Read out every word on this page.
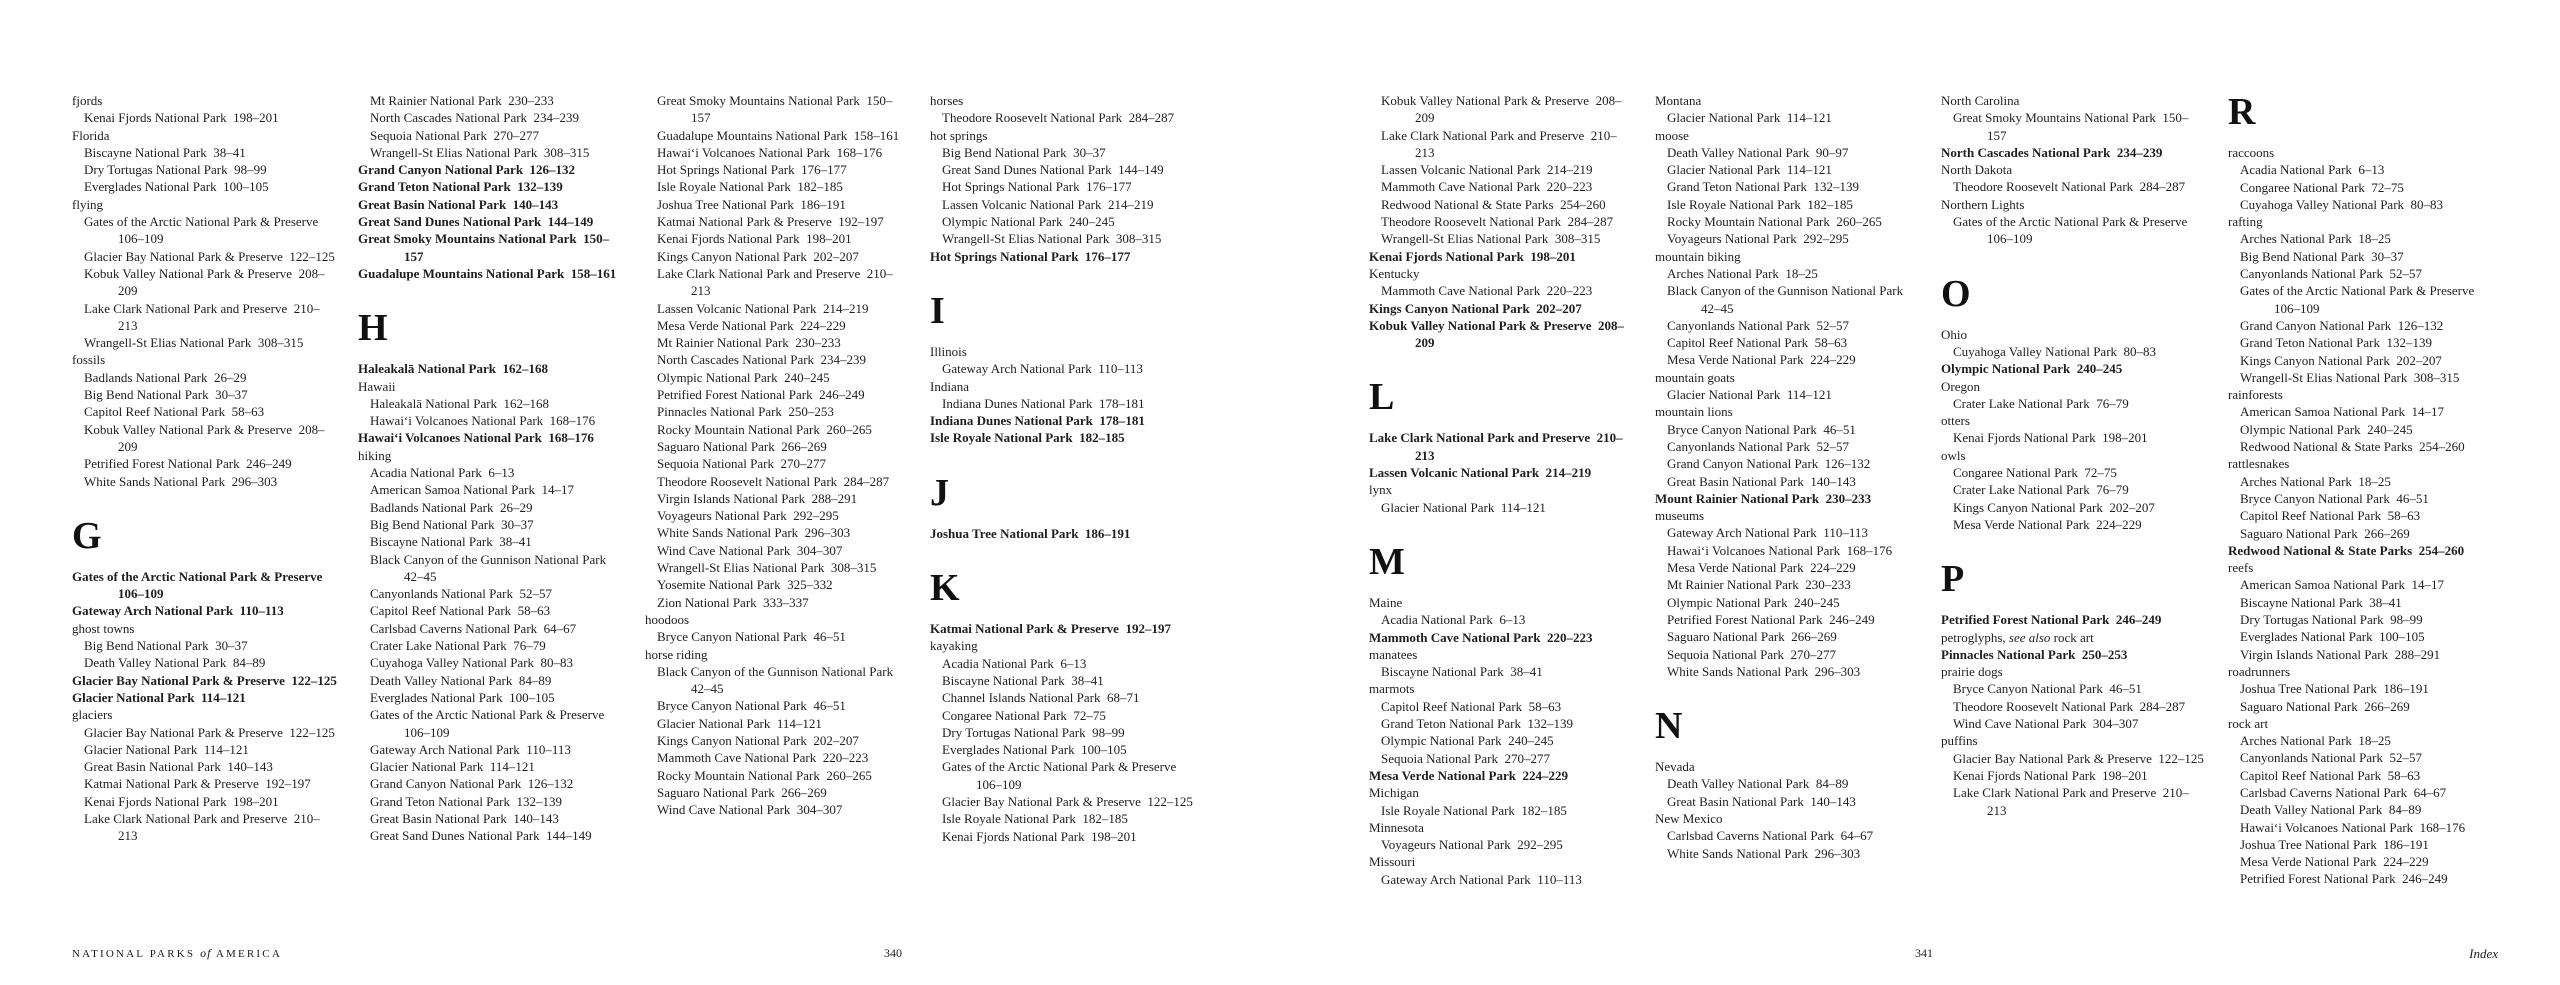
fjords
Kenai Fjords National Park  198–201
Florida
Biscayne National Park  38–41
Dry Tortugas National Park  98–99
Everglades National Park  100–105
flying
Gates of the Arctic National Park & Preserve  106–109
Glacier Bay National Park & Preserve  122–125
Kobuk Valley National Park & Preserve  208–209
Lake Clark National Park and Preserve  210–213
Wrangell-St Elias National Park  308–315
fossils
Badlands National Park  26–29
Big Bend National Park  30–37
Capitol Reef National Park  58–63
Kobuk Valley National Park & Preserve  208–209
Petrified Forest National Park  246–249
White Sands National Park  296–303
G
Gates of the Arctic National Park & Preserve  106–109
Gateway Arch National Park  110–113
ghost towns
Big Bend National Park  30–37
Death Valley National Park  84–89
Glacier Bay National Park & Preserve  122–125
Glacier National Park  114–121
glaciers
Glacier Bay National Park & Preserve  122–125
Glacier National Park  114–121
Great Basin National Park  140–143
Katmai National Park & Preserve  192–197
Kenai Fjords National Park  198–201
Lake Clark National Park and Preserve  210–213
Mt Rainier National Park  230–233
North Cascades National Park  234–239
Sequoia National Park  270–277
Wrangell-St Elias National Park  308–315
Grand Canyon National Park  126–132
Grand Teton National Park  132–139
Great Basin National Park  140–143
Great Sand Dunes National Park  144–149
Great Smoky Mountains National Park  150–157
Guadalupe Mountains National Park  158–161
H
Haleakalā National Park  162–168
Hawaii
Haleakalā National Park  162–168
Hawaiʻi Volcanoes National Park  168–176
Hawaiʻi Volcanoes National Park  168–176
hiking
Acadia National Park  6–13
American Samoa National Park  14–17
Badlands National Park  26–29
Big Bend National Park  30–37
Biscayne National Park  38–41
Black Canyon of the Gunnison National Park  42–45
Canyonlands National Park  52–57
Capitol Reef National Park  58–63
Carlsbad Caverns National Park  64–67
Crater Lake National Park  76–79
Cuyahoga Valley National Park  80–83
Death Valley National Park  84–89
Everglades National Park  100–105
Gates of the Arctic National Park & Preserve  106–109
Gateway Arch National Park  110–113
Glacier National Park  114–121
Grand Canyon National Park  126–132
Grand Teton National Park  132–139
Great Basin National Park  140–143
Great Sand Dunes National Park  144–149
Great Smoky Mountains National Park  150–157
Guadalupe Mountains National Park  158–161
Hawaiʻi Volcanoes National Park  168–176
Hot Springs National Park  176–177
Isle Royale National Park  182–185
Joshua Tree National Park  186–191
Katmai National Park & Preserve  192–197
Kenai Fjords National Park  198–201
Kings Canyon National Park  202–207
Lake Clark National Park and Preserve  210–213
Lassen Volcanic National Park  214–219
Mesa Verde National Park  224–229
Mt Rainier National Park  230–233
North Cascades National Park  234–239
Olympic National Park  240–245
Petrified Forest National Park  246–249
Pinnacles National Park  250–253
Rocky Mountain National Park  260–265
Saguaro National Park  266–269
Sequoia National Park  270–277
Theodore Roosevelt National Park  284–287
Virgin Islands National Park  288–291
Voyageurs National Park  292–295
White Sands National Park  296–303
Wind Cave National Park  304–307
Wrangell-St Elias National Park  308–315
Yosemite National Park  325–332
Zion National Park  333–337
hoodoos
Bryce Canyon National Park  46–51
horse riding
Black Canyon of the Gunnison National Park  42–45
Bryce Canyon National Park  46–51
Glacier National Park  114–121
Kings Canyon National Park  202–207
Mammoth Cave National Park  220–223
Rocky Mountain National Park  260–265
Saguaro National Park  266–269
Wind Cave National Park  304–307
horses
Theodore Roosevelt National Park  284–287
hot springs
Big Bend National Park  30–37
Great Sand Dunes National Park  144–149
Hot Springs National Park  176–177
Lassen Volcanic National Park  214–219
Olympic National Park  240–245
Wrangell-St Elias National Park  308–315
Hot Springs National Park  176–177
I
Illinois
Gateway Arch National Park  110–113
Indiana
Indiana Dunes National Park  178–181
Indiana Dunes National Park  178–181
Isle Royale National Park  182–185
J
Joshua Tree National Park  186–191
K
Katmai National Park & Preserve  192–197
kayaking
Acadia National Park  6–13
Biscayne National Park  38–41
Channel Islands National Park  68–71
Congaree National Park  72–75
Dry Tortugas National Park  98–99
Everglades National Park  100–105
Gates of the Arctic National Park & Preserve  106–109
Glacier Bay National Park & Preserve  122–125
Isle Royale National Park  182–185
Kenai Fjords National Park  198–201
NATIONAL PARKS of AMERICA	340
Kobuk Valley National Park & Preserve  208–209
Lake Clark National Park and Preserve  210–213
Lassen Volcanic National Park  214–219
Mammoth Cave National Park  220–223
Redwood National & State Parks  254–260
Theodore Roosevelt National Park  284–287
Wrangell-St Elias National Park  308–315
Kenai Fjords National Park  198–201
Kentucky
Mammoth Cave National Park  220–223
Kings Canyon National Park  202–207
Kobuk Valley National Park & Preserve  208–209
L
Lake Clark National Park and Preserve  210–213
Lassen Volcanic National Park  214–219
lynx
Glacier National Park  114–121
M
Maine
Acadia National Park  6–13
Mammoth Cave National Park  220–223
manatees
Biscayne National Park  38–41
marmots
Capitol Reef National Park  58–63
Grand Teton National Park  132–139
Olympic National Park  240–245
Sequoia National Park  270–277
Mesa Verde National Park  224–229
Michigan
Isle Royale National Park  182–185
Minnesota
Voyageurs National Park  292–295
Missouri
Gateway Arch National Park  110–113
Montana
Glacier National Park  114–121
moose
Death Valley National Park  90–97
Glacier National Park  114–121
Grand Teton National Park  132–139
Isle Royale National Park  182–185
Rocky Mountain National Park  260–265
Voyageurs National Park  292–295
mountain biking
Arches National Park  18–25
Black Canyon of the Gunnison National Park  42–45
Canyonlands National Park  52–57
Capitol Reef National Park  58–63
Mesa Verde National Park  224–229
mountain goats
Glacier National Park  114–121
mountain lions
Bryce Canyon National Park  46–51
Canyonlands National Park  52–57
Grand Canyon National Park  126–132
Great Basin National Park  140–143
Mount Rainier National Park  230–233
museums
Gateway Arch National Park  110–113
Hawaiʻi Volcanoes National Park  168–176
Mesa Verde National Park  224–229
Mt Rainier National Park  230–233
Olympic National Park  240–245
Petrified Forest National Park  246–249
Saguaro National Park  266–269
Sequoia National Park  270–277
White Sands National Park  296–303
N
Nevada
Death Valley National Park  84–89
Great Basin National Park  140–143
New Mexico
Carlsbad Caverns National Park  64–67
White Sands National Park  296–303
North Carolina
Great Smoky Mountains National Park  150–157
North Cascades National Park  234–239
North Dakota
Theodore Roosevelt National Park  284–287
Northern Lights
Gates of the Arctic National Park & Preserve  106–109
O
Ohio
Cuyahoga Valley National Park  80–83
Olympic National Park  240–245
Oregon
Crater Lake National Park  76–79
otters
Kenai Fjords National Park  198–201
owls
Congaree National Park  72–75
Crater Lake National Park  76–79
Kings Canyon National Park  202–207
Mesa Verde National Park  224–229
P
Petrified Forest National Park  246–249
petroglyphs, see also rock art
Pinnacles National Park  250–253
prairie dogs
Bryce Canyon National Park  46–51
Theodore Roosevelt National Park  284–287
Wind Cave National Park  304–307
puffins
Glacier Bay National Park & Preserve  122–125
Kenai Fjords National Park  198–201
Lake Clark National Park and Preserve  210–213
R
raccoons
Acadia National Park  6–13
Congaree National Park  72–75
Cuyahoga Valley National Park  80–83
rafting
Arches National Park  18–25
Big Bend National Park  30–37
Canyonlands National Park  52–57
Gates of the Arctic National Park & Preserve  106–109
Grand Canyon National Park  126–132
Grand Teton National Park  132–139
Kings Canyon National Park  202–207
Wrangell-St Elias National Park  308–315
rainforests
American Samoa National Park  14–17
Olympic National Park  240–245
Redwood National & State Parks  254–260
rattlesnakes
Arches National Park  18–25
Bryce Canyon National Park  46–51
Capitol Reef National Park  58–63
Saguaro National Park  266–269
Redwood National & State Parks  254–260
reefs
American Samoa National Park  14–17
Biscayne National Park  38–41
Dry Tortugas National Park  98–99
Everglades National Park  100–105
Virgin Islands National Park  288–291
roadrunners
Joshua Tree National Park  186–191
Saguaro National Park  266–269
rock art
Arches National Park  18–25
Canyonlands National Park  52–57
Capitol Reef National Park  58–63
Carlsbad Caverns National Park  64–67
Death Valley National Park  84–89
Hawaiʻi Volcanoes National Park  168–176
Joshua Tree National Park  186–191
Mesa Verde National Park  224–229
Petrified Forest National Park  246–249
341	Index
